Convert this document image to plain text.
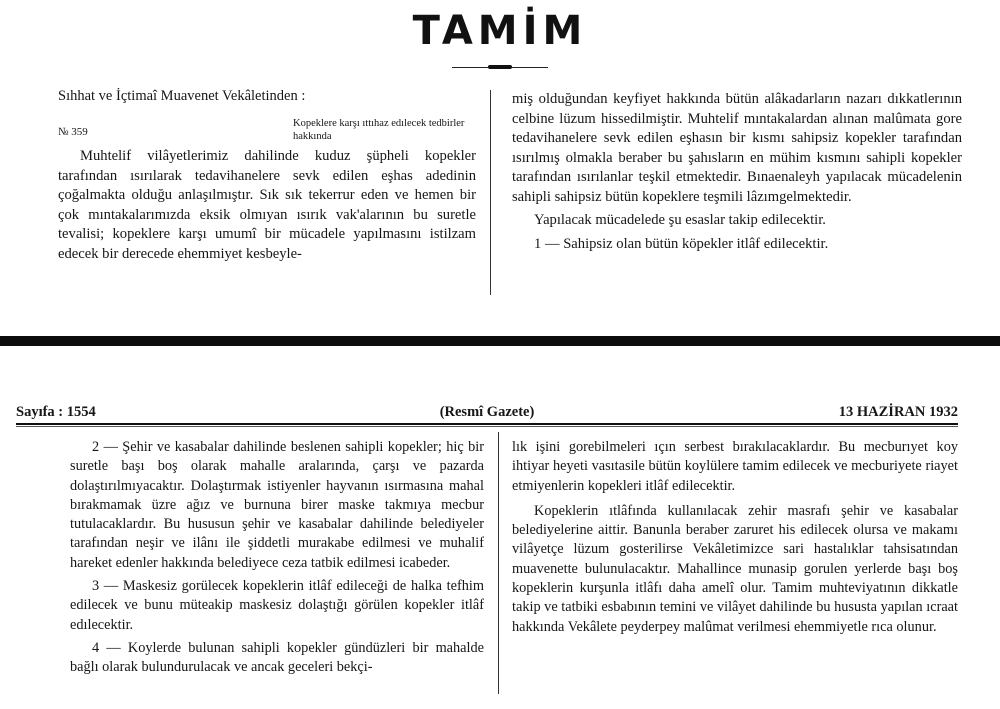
TAMİM
Sıhhat ve İçtimaî Muavenet Vekâletinden :
№ 359
Kopeklere karşı ıttıhaz edılecek tedbirler hakkında

Muhtelif vilâyetlerimiz dahilinde kuduz şüpheli kopekler tarafından ısırılarak tedavihanelere sevk edilen eşhas adedinin çoğalmakta olduğu anlaşılmıştır. Sık sık tekerrur eden ve hemen bir çok mıntakalarımızda eksik olmıyan ısırık vak'alarının bu suretle tevalisi; kopeklere karşı umumî bir mücadele yapılmasını istilzam edecek bir derecede ehemmiyet kesbeyle-

miş olduğundan keyfiyet hakkında bütün alâkadarların nazarı dıkkatlerının celbine lüzum hissedilmiştir. Muhtelif mıntakalardan alınan malûmata gore tedavihanelere sevk edilen eşhasın bir kısmı sahipsiz kopekler tarafından ısırılmış olmakla beraber bu şahısların en mühim kısmını sahipli kopekler tarafından ısırılanlar teşkil etmektedir. Bınaenaleyh yapılacak mücadelenin sahipli sahipsiz bütün kopeklere teşmili lâzımgelmektedir.

Yapılacak mücadelede şu esaslar takip edilecektir.

1 — Sahipsiz olan bütün köpekler itlâf edilecektir.

Sayıfa : 1554	(Resmî Gazete)	13 HAZİRAN 1932

2 — Şehir ve kasabalar dahilinde beslenen sahipli kopekler; hiç bir suretle başı boş olarak mahalle aralarında, çarşı ve pazarda dolaştırılmıyacaktır. Dolaştırmak istiyenler hayvanın ısırmasına mahal bırakmamak üzre ağız ve burnuna birer maske takmıya mecbur tutulacaklardır. Bu hususun şehir ve kasabalar dahilinde belediyeler tarafından neşir ve ilânı ile şiddetli murakabe edilmesi ve muhalif hareket edenler hakkında belediyece ceza tatbik edilmesi icabeder.

3 — Maskesiz gorülecek kopeklerin itlâf edileceği de halka tefhim edilecek ve bunu müteakip maskesiz dolaştığı görülen kopekler itlâf edılecektir.

4 — Koylerde bulunan sahipli kopekler gündüzleri bir mahalde bağlı olarak bulundurulacak ve ancak geceleri bekçi-

lık işini gorebilmeleri ıçın serbest bırakılacaklardır. Bu mecburıyet koy ihtiyar heyeti vasıtasile bütün koylülere tamim edilecek ve mecburiyete riayet etmiyenlerin kopekleri itlâf edilecektir.

Kopeklerin ıtlâfında kullanılacak zehir masrafı şehir ve kasabalar belediyelerine aittir. Banunla beraber zaruret his edilecek olursa ve makamı vilâyetçe lüzum gosterilirse Vekâletimizce sari hastalıklar tahsisatından muavenette bulunulacaktır. Mahallince munasip gorulen yerlerde başı boş kopeklerin kurşunla itlâfı daha amelî olur. Tamim muhteviyatının dikkatle takip ve tatbiki esbabının temini ve vilâyet dahilinde bu hususta yapılan ıcraat hakkında Vekâlete peyderpey malûmat verilmesi ehemmiyetle rıca olunur.
